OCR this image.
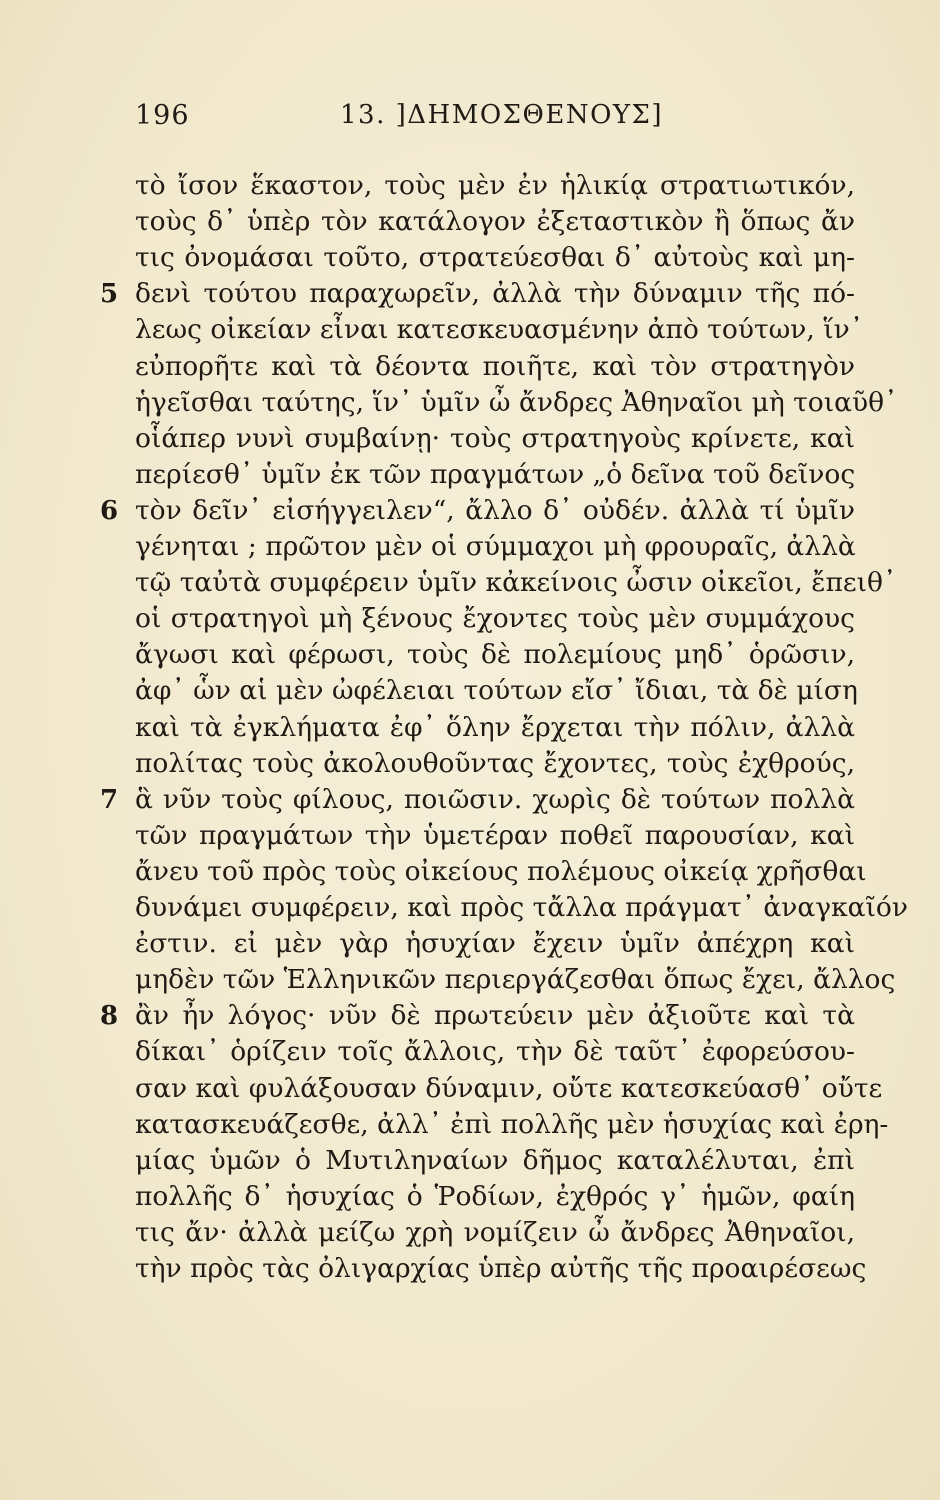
196	13. ]ΔΗΜΟΣΘΕΝΟΥΣ]
τὸ ἴσον ἕκαστον, τοὺς μὲν ἐν ἡλικίᾳ στρατιωτικόν,
τοὺς δ᾽ ὑπὲρ τὸν κατάλογον ἐξεταστικὸν ἢ ὅπως ἄν
τις ὀνομάσαι τοῦτο, στρατεύεσθαι δ᾽ αὐτοὺς καὶ μη-
5 δενὶ τούτου παραχωρεῖν, ἀλλὰ τὴν δύναμιν τῆς πό-
λεως οἰκείαν εἶναι κατεσκευασμένην ἀπὸ τούτων, ἵν᾽
εὐπορῆτε καὶ τὰ δέοντα ποιῆτε, καὶ τὸν στρατηγὸν
ἡγεῖσθαι ταύτης, ἵν᾽ ὑμῖν ὦ ἄνδρες Ἀθηναῖοι μὴ τοιαῦθ᾽
οἷάπερ νυνὶ συμβαίνῃ· τοὺς στρατηγοὺς κρίνετε, καὶ
περίεσθ᾽ ὑμῖν ἐκ τῶν πραγμάτων „ὁ δεῖνα τοῦ δεῖνος
6 τὸν δεῖν᾽ εἰσήγγειλεν“, ἄλλο δ᾽ οὐδέν. ἀλλὰ τί ὑμῖν
γένηται ; πρῶτον μὲν οἱ σύμμαχοι μὴ φρουραῖς, ἀλλὰ
τῷ ταὐτὰ συμφέρειν ὑμῖν κἀκείνοις ὦσιν οἰκεῖοι, ἔπειθ᾽
οἱ στρατηγοὶ μὴ ξένους ἔχοντες τοὺς μὲν συμμάχους
ἄγωσι καὶ φέρωσι, τοὺς δὲ πολεμίους μηδ᾽ ὁρῶσιν,
ἀφ᾽ ὧν αἱ μὲν ὠφέλειαι τούτων εἴσ᾽ ἴδιαι, τὰ δὲ μίση
καὶ τὰ ἐγκλήματα ἐφ᾽ ὅλην ἔρχεται τὴν πόλιν, ἀλλὰ
πολίτας τοὺς ἀκολουθοῦντας ἔχοντες, τοὺς ἐχθρούς,
7 ἃ νῦν τοὺς φίλους, ποιῶσιν. χωρὶς δὲ τούτων πολλὰ
τῶν πραγμάτων τὴν ὑμετέραν ποθεῖ παρουσίαν, καὶ
ἄνευ τοῦ πρὸς τοὺς οἰκείους πολέμους οἰκείᾳ χρῆσθαι
δυνάμει συμφέρειν, καὶ πρὸς τἄλλα πράγματ᾽ ἀναγκαῖόν
ἐστιν. εἰ μὲν γὰρ ἡσυχίαν ἔχειν ὑμῖν ἀπέχρη καὶ
μηδὲν τῶν Ἑλληνικῶν περιεργάζεσθαι ὅπως ἔχει, ἄλλος
8 ἂν ἦν λόγος· νῦν δὲ πρωτεύειν μὲν ἀξιοῦτε καὶ τὰ
δίκαι᾽ ὁρίζειν τοῖς ἄλλοις, τὴν δὲ ταῦτ᾽ ἐφορεύσου-
σαν καὶ φυλάξουσαν δύναμιν, οὔτε κατεσκεύασθ᾽ οὔτε
κατασκευάζεσθε, ἀλλ᾽ ἐπὶ πολλῆς μὲν ἡσυχίας καὶ ἐρη-
μίας ὑμῶν ὁ Μυτιληναίων δῆμος καταλέλυται, ἐπὶ
πολλῆς δ᾽ ἡσυχίας ὁ Ῥοδίων, ἐχθρός γ᾽ ἡμῶν, φαίη
τις ἄν· ἀλλὰ μείζω χρὴ νομίζειν ὦ ἄνδρες Ἀθηναῖοι,
τὴν πρὸς τὰς ὀλιγαρχίας ὑπὲρ αὐτῆς τῆς προαιρέσεως
